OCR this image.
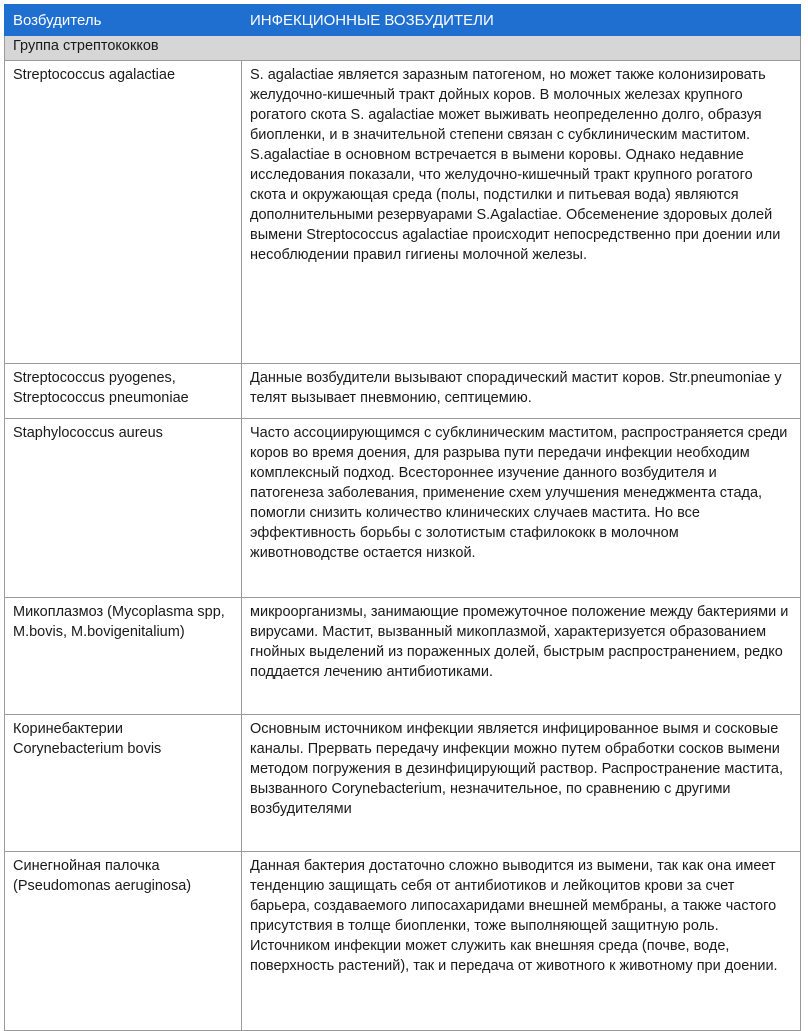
Возбудитель	ИНФЕКЦИОННЫЕ ВОЗБУДИТЕЛИ
Группа стрептококков	
Streptococcus agalactiae	S. agalactiae является заразным патогеном, но может также колонизировать желудочно-кишечный тракт дойных коров. В молочных железах крупного рогатого скота S. agalactiae может выживать неопределенно долго, образуя биопленки, и в значительной степени связан с субклиническим маститом. S.agalactiae в основном встречается в вымени коровы. Однако недавние исследования показали, что желудочно-кишечный тракт крупного рогатого скота и окружающая среда (полы, подстилки и питьевая вода) являются дополнительными резервуарами S.Agalactiae. Обсеменение здоровых долей вымени Streptococcus agalactiae происходит непосредственно при доении или несоблюдении правил гигиены молочной железы.
Streptococcus pyogenes, Streptococcus pneumoniae	Данные возбудители вызывают спорадический мастит коров. Str.pneumoniae у телят вызывает пневмонию, септицемию.
Staphylococcus aureus	Часто ассоциирующимся с субклиническим маститом, распространяется среди коров во время доения, для разрыва пути передачи инфекции необходим комплексный подход. Всестороннее изучение данного возбудителя и патогенеза заболевания, применение схем улучшения менеджмента стада, помогли снизить количество клинических случаев мастита. Но все эффективность борьбы с золотистым стафилококк в молочном животноводстве остается низкой.
Микоплазмоз (Mycoplasma spp, M.bovis, M.bovigenitalium)	микроорганизмы, занимающие промежуточное положение между бактериями и вирусами. Мастит, вызванный микоплазмой, характеризуется образованием гнойных выделений из пораженных долей, быстрым распространением, редко поддается лечению антибиотиками.
Коринебактерии Corynebacterium bovis	Основным источником инфекции является инфицированное вымя и сосковые каналы. Прервать передачу инфекции можно путем обработки сосков вымени методом погружения в дезинфицирующий раствор. Распространение мастита, вызванного Corynebacterium, незначительное, по сравнению с другими возбудителями
Синегнойная палочка (Pseudomonas aeruginosa)	Данная бактерия достаточно сложно выводится из вымени, так как она имеет тенденцию защищать себя от антибиотиков и лейкоцитов крови за счет барьера, создаваемого липосахаридами внешней мембраны, а также частого присутствия в толще биопленки, тоже выполняющей защитную роль. Источником инфекции может служить как внешняя среда (почве, воде, поверхность растений), так и передача от животного к животному при доении.
